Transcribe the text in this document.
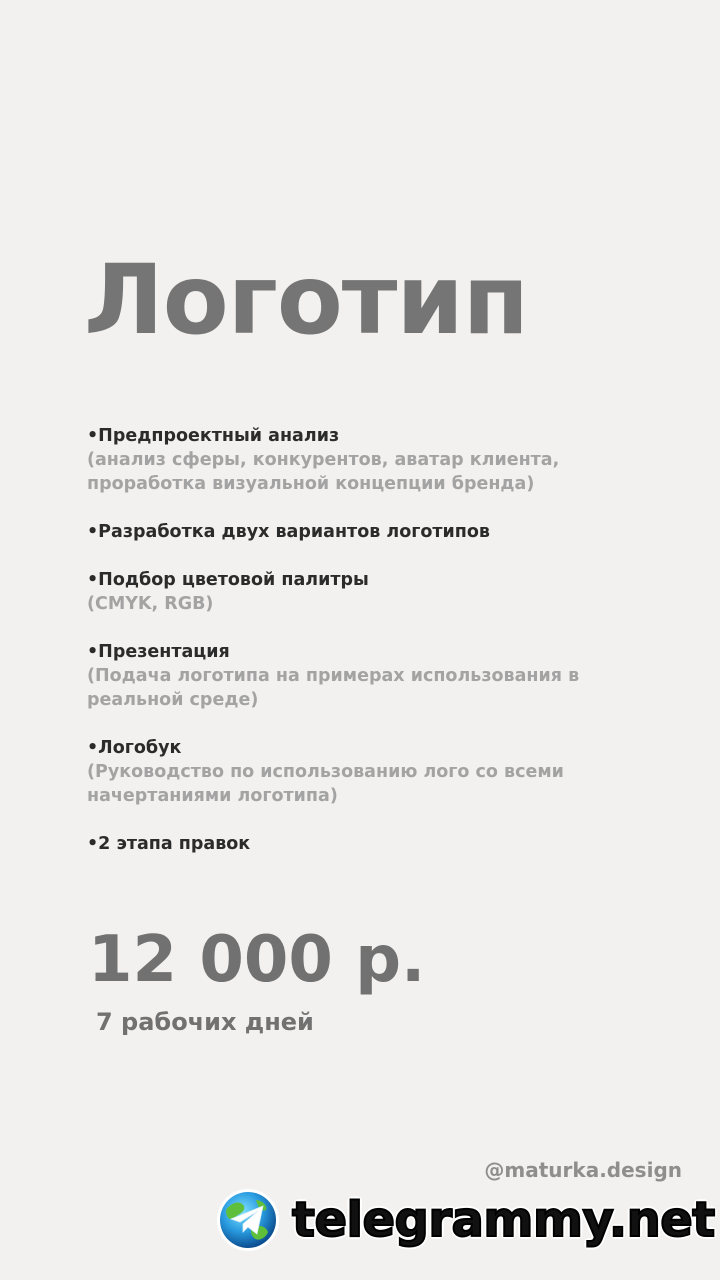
Логотип
•Предпроектный анализ
(анализ сферы, конкурентов, аватар клиента,
проработка визуальной концепции бренда)
•Разработка двух вариантов логотипов
•Подбор цветовой палитры
(CMYK, RGB)
•Презентация
(Подача логотипа на примерах использования в
реальной среде)
•Логобук
(Руководство по использованию лого со всеми
начертаниями логотипа)
•2 этапа правок
12 000 р.
7 рабочих дней
@maturka.design
telegrammy.net
